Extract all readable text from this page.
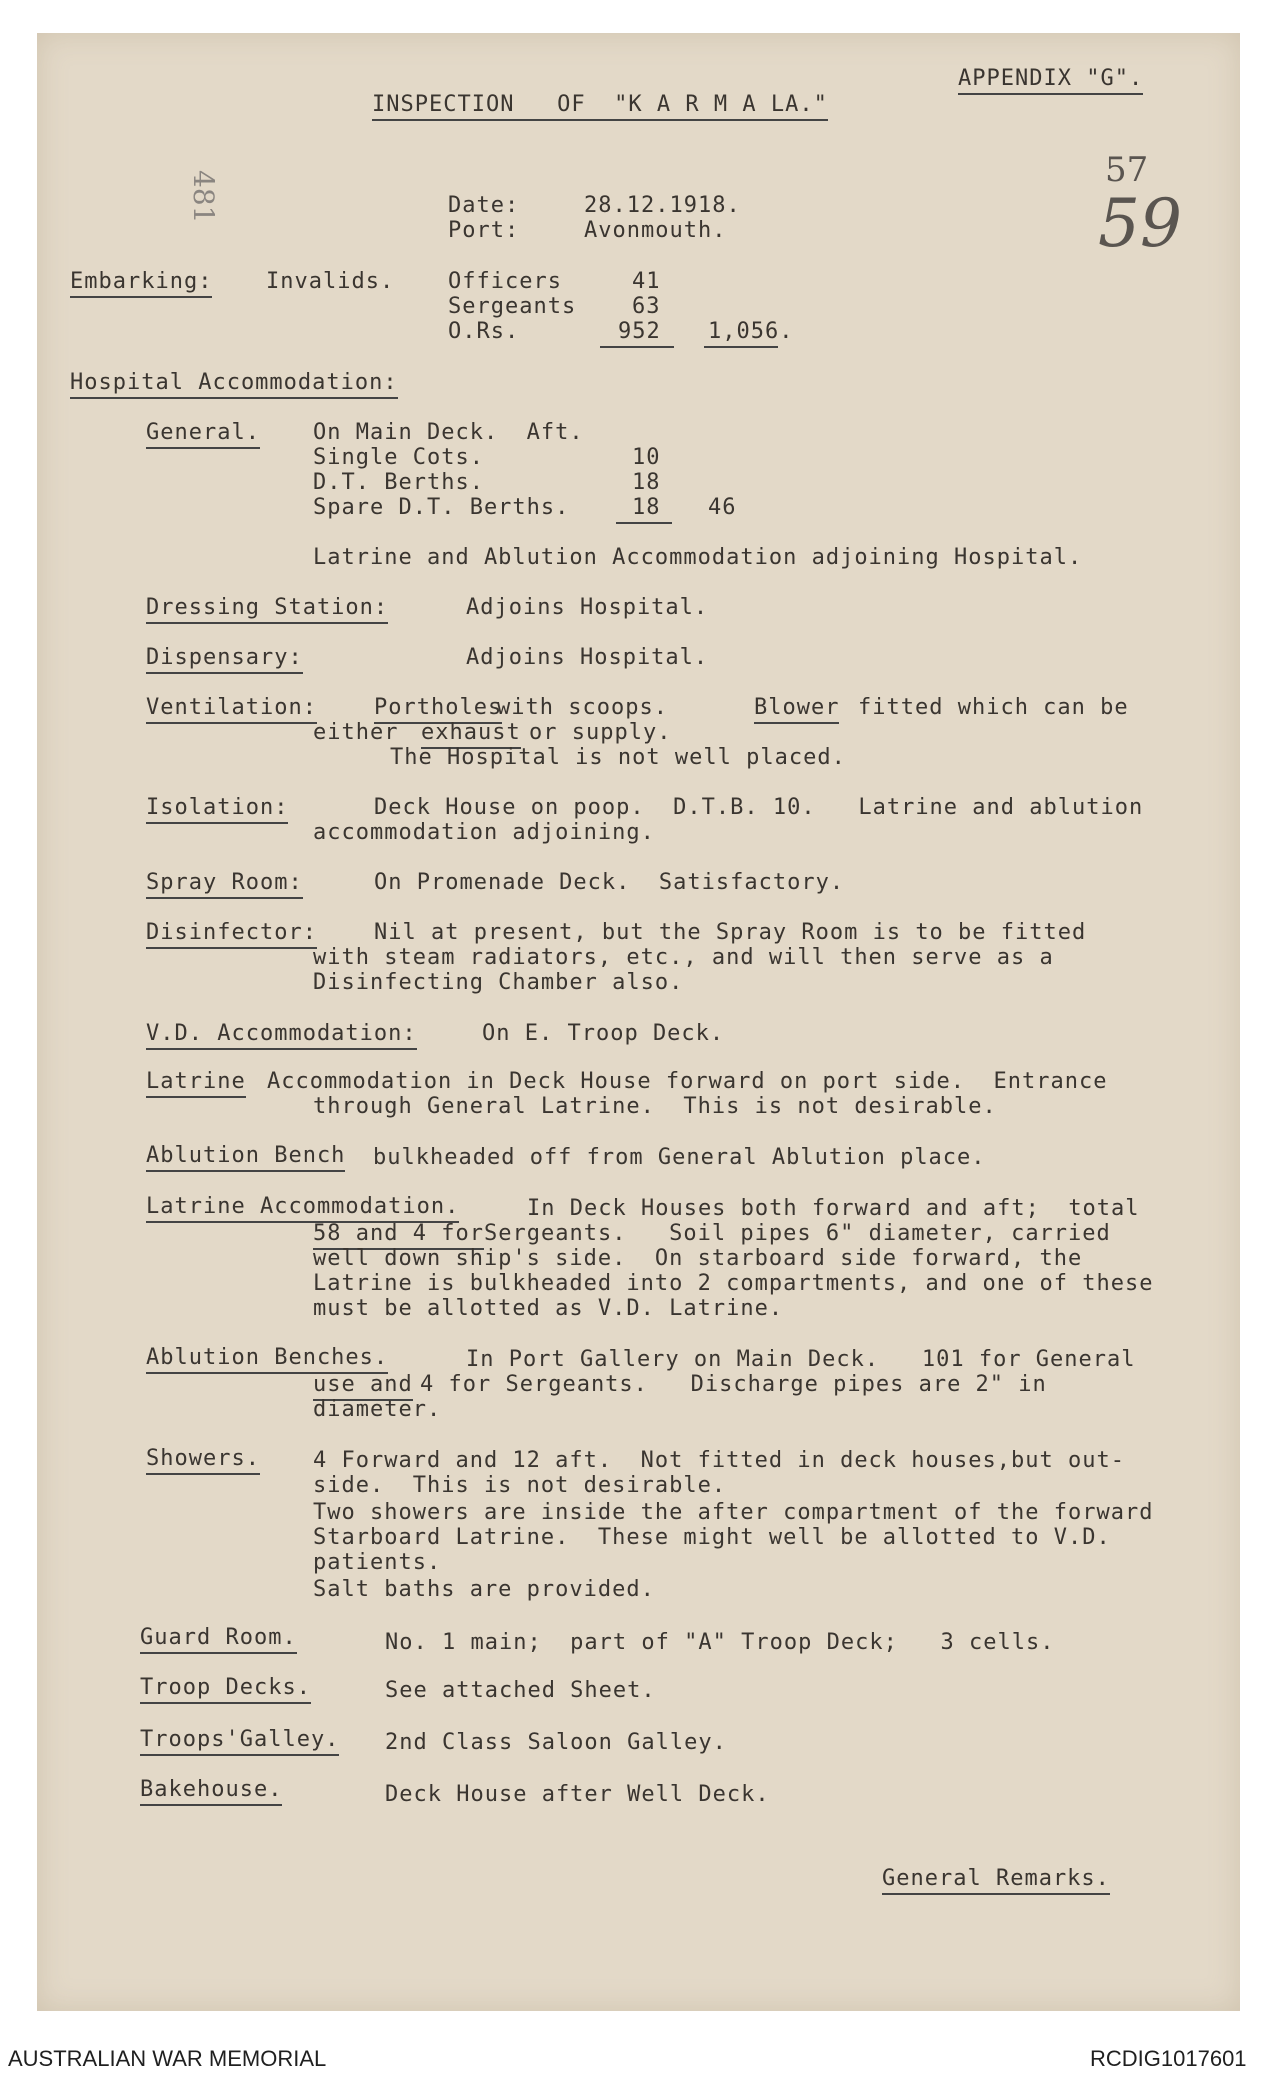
INSPECTION   OF  "K A R M A LA."
APPENDIX "G".
57
59
481	Date:	28.12.1918.
Port:	Avonmouth.
Embarking: Invalids. Officers	41
Sergeants	63
O.Rs.	952 1,056.
Hospital Accommodation:
General. On Main Deck.  Aft.
Single Cots.	10
D.T. Berths.	18
Spare D.T. Berths.	18 46
Latrine and Ablution Accommodation adjoining Hospital.
Dressing Station:	Adjoins Hospital.
Dispensary:	Adjoins Hospital.
Ventilation:	Portholes
with scoops.	Blower fitted which can be
either exhaust or supply.
The Hospital is not well placed.
Isolation:	Deck House on poop.  D.T.B. 10.   Latrine and ablution
accommodation adjoining.
Spray Room:	On Promenade Deck.  Satisfactory.
Disinfector:	Nil at present, but the Spray Room is to be fitted
with steam radiators, etc., and will then serve as a
Disinfecting Chamber also.
V.D. Accommodation:	On E. Troop Deck.
Latrine Accommodation in Deck House forward on port side.  Entrance
through General Latrine.  This is not desirable.
Ablution Bench bulkheaded off from General Ablution place.
Latrine Accommodation.	In Deck Houses both forward and aft;  total
58 and 4 for Sergeants.   Soil pipes 6" diameter, carried
well down ship's side.  On starboard side forward, the
Latrine is bulkheaded into 2 compartments, and one of these
must be allotted as V.D. Latrine.
Ablution Benches.	In Port Gallery on Main Deck.   101 for General
use and 4 for Sergeants.   Discharge pipes are 2" in
diameter.
Showers. 4 Forward and 12 aft.  Not fitted in deck houses,but out-
side.  This is not desirable.
Two showers are inside the after compartment of the forward
Starboard Latrine.  These might well be allotted to V.D.
patients.
Salt baths are provided.
Guard Room.	No. 1 main;  part of "A" Troop Deck;   3 cells.
Troop Decks.	See attached Sheet.
Troops'Galley. 2nd Class Saloon Galley.
Bakehouse.	Deck House after Well Deck.
General Remarks.
AUSTRALIAN WAR MEMORIAL	RCDIG1017601
